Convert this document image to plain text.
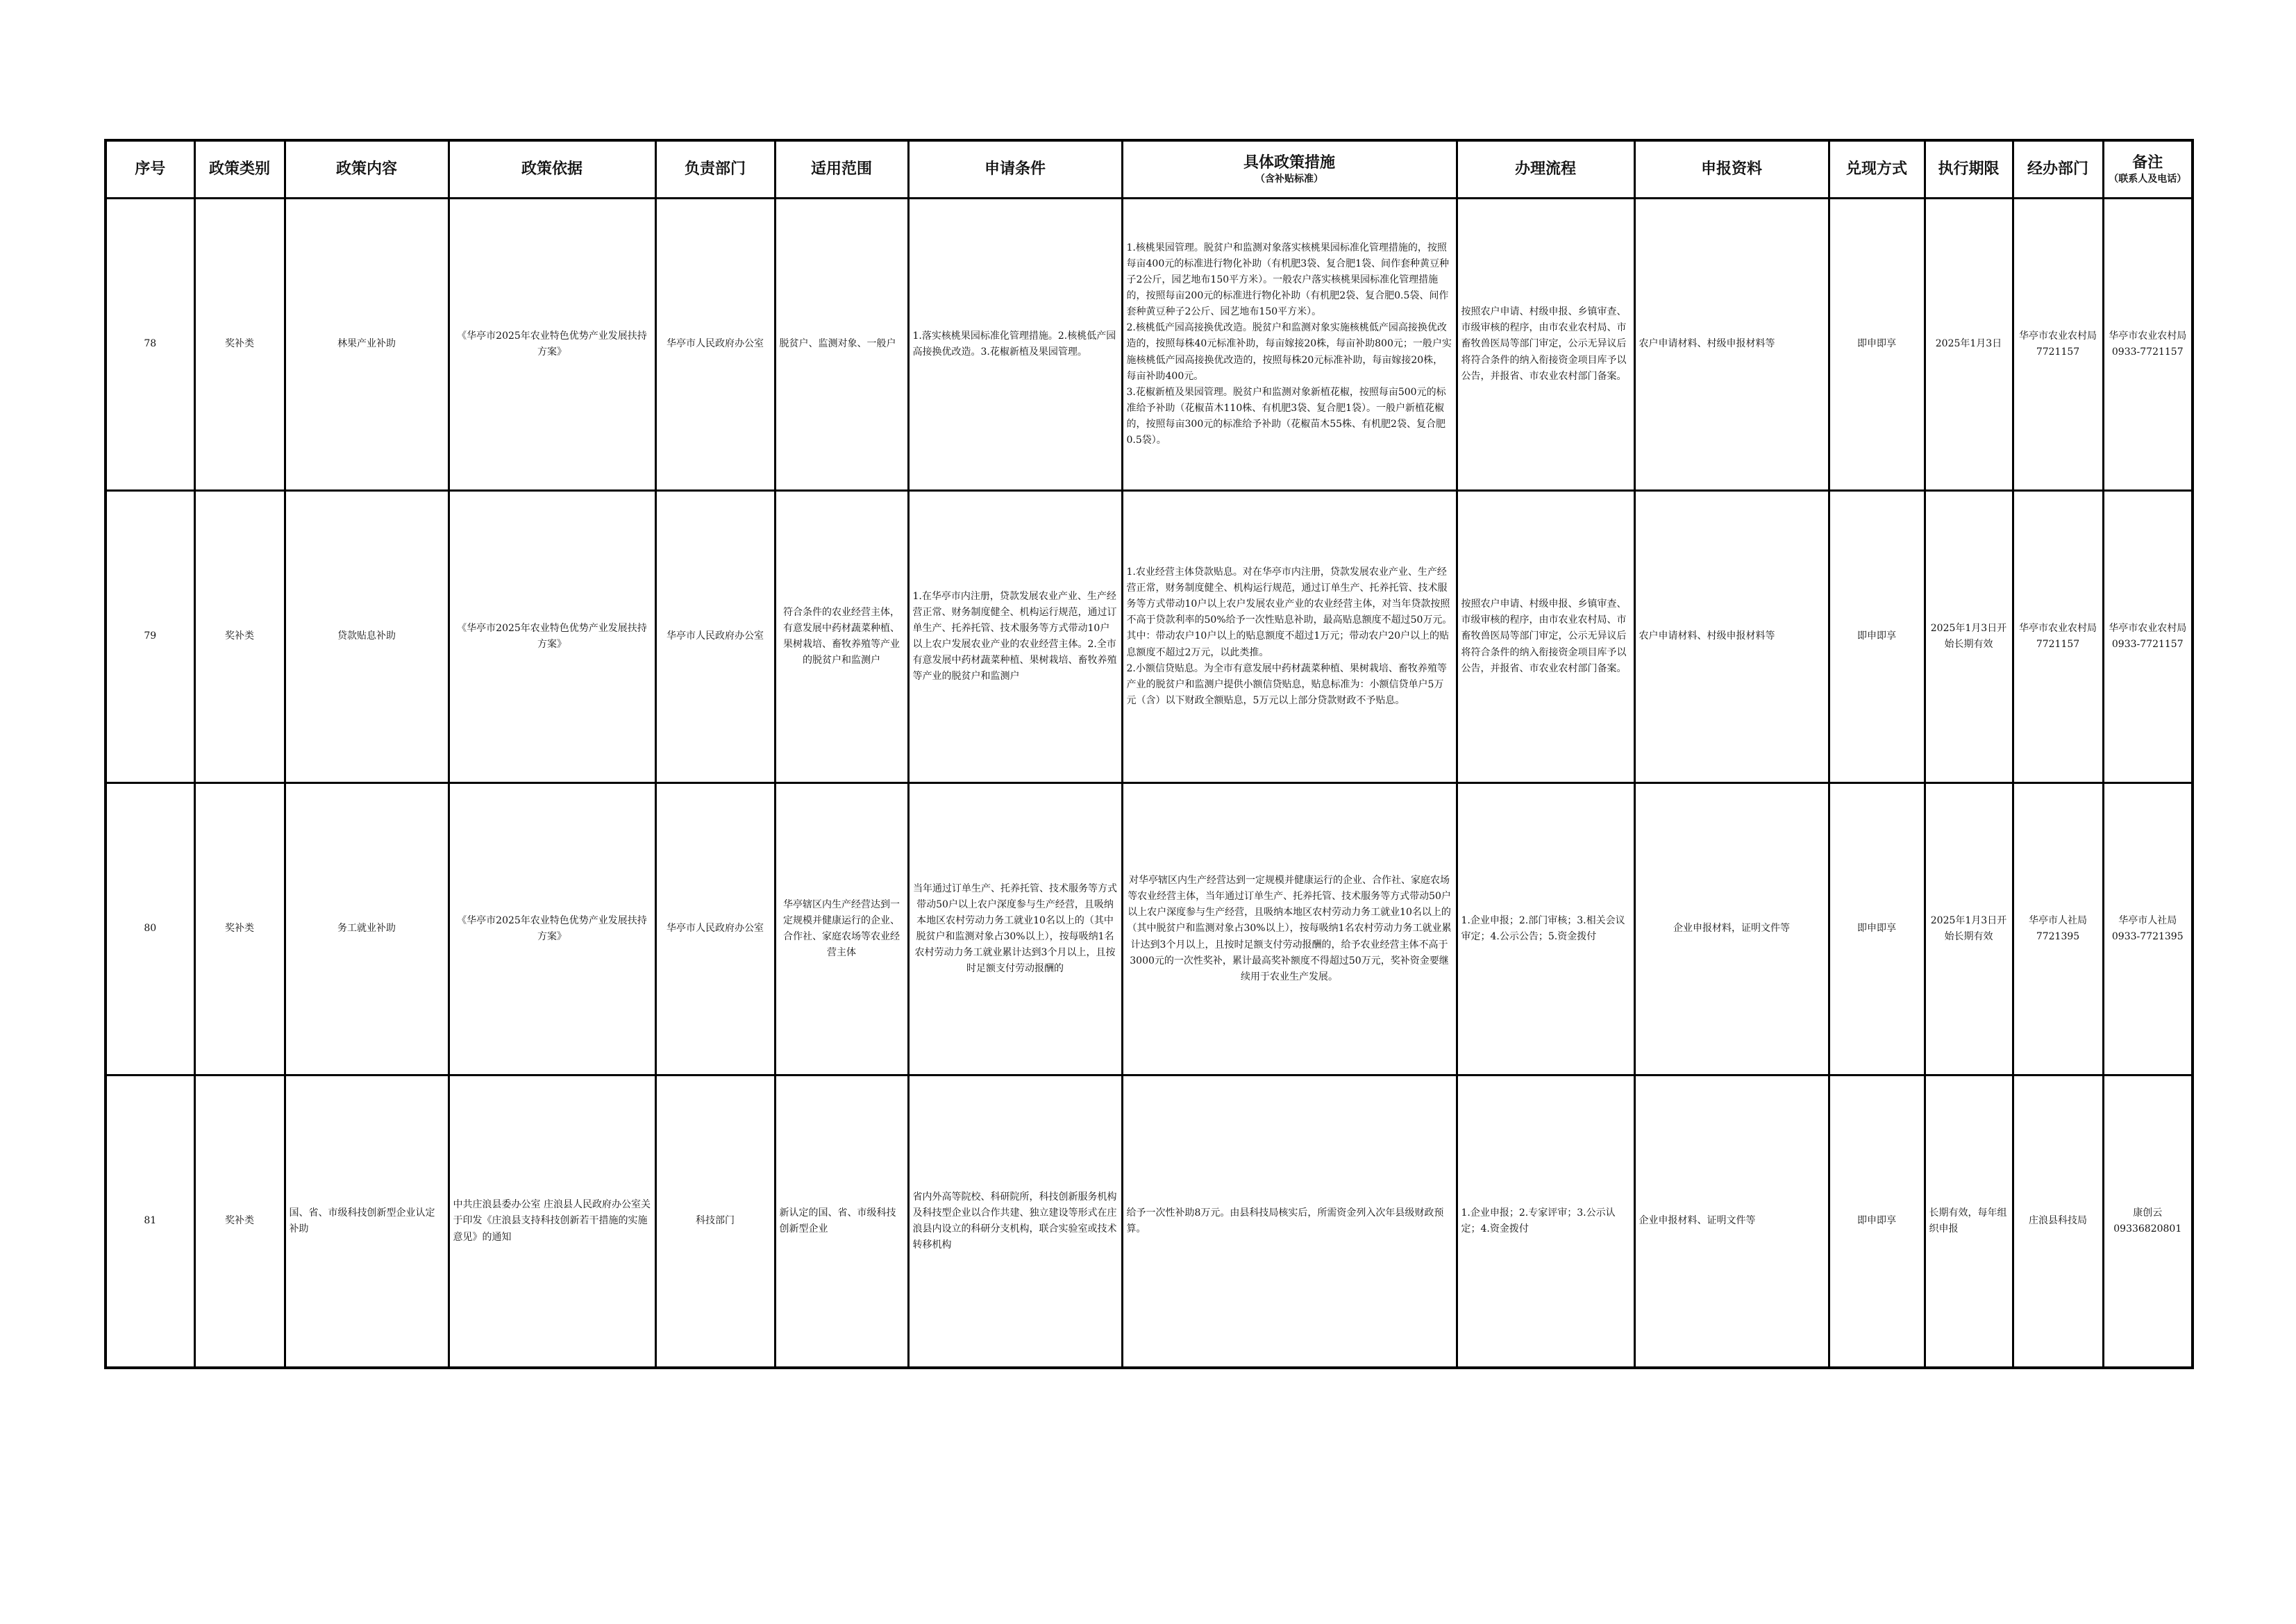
序号	政策类别	政策内容	政策依据	负责部门	适用范围	申请条件	具体政策措施
（含补贴标准）	办理流程	申报资料	兑现方式	执行期限	经办部门	备注
（联系人及电话）

78	奖补类	林果产业补助	《华亭市2025年农业特色优势产业发展扶持方案》	华亭市人民政府办公室	脱贫户、监测对象、一般户	1.落实核桃果园标准化管理措施。2.核桃低产园高接换优改造。3.花椒新植及果园管理。	1.核桃果园管理。脱贫户和监测对象落实核桃果园标准化管理措施的，按照每亩400元的标准进行物化补助（有机肥3袋、复合肥1袋、间作套种黄豆种子2公斤，园艺地布150平方米）。一般农户落实核桃果园标准化管理措施的，按照每亩200元的标准进行物化补助（有机肥2袋、复合肥0.5袋、间作套种黄豆种子2公斤、园艺地布150平方米）。
2.核桃低产园高接换优改造。脱贫户和监测对象实施核桃低产园高接换优改造的，按照每株40元标准补助，每亩嫁接20株，每亩补助800元；一般户实施核桃低产园高接换优改造的，按照每株20元标准补助，每亩嫁接20株，每亩补助400元。
3.花椒新植及果园管理。脱贫户和监测对象新植花椒，按照每亩500元的标准给予补助（花椒苗木110株、有机肥3袋、复合肥1袋）。一般户新植花椒的，按照每亩300元的标准给予补助（花椒苗木55株、有机肥2袋、复合肥0.5袋）。	按照农户申请、村级申报、乡镇审查、市级审核的程序，由市农业农村局、市畜牧兽医局等部门审定，公示无异议后将符合条件的纳入衔接资金项目库予以公告，并报省、市农业农村部门备案。	农户申请材料、村级申报材料等	即申即享	2025年1月3日	华亭市农业农村局7721157	华亭市农业农村局0933-7721157
79	奖补类	贷款贴息补助	《华亭市2025年农业特色优势产业发展扶持方案》	华亭市人民政府办公室	符合条件的农业经营主体，有意发展中药材蔬菜种植、果树栽培、畜牧养殖等产业的脱贫户和监测户	1.在华亭市内注册，贷款发展农业产业、生产经营正常、财务制度健全、机构运行规范，通过订单生产、托养托管、技术服务等方式带动10户以上农户发展农业产业的农业经营主体。2.全市有意发展中药材蔬菜种植、果树栽培、畜牧养殖等产业的脱贫户和监测户	1.农业经营主体贷款贴息。对在华亭市内注册，贷款发展农业产业、生产经营正常，财务制度健全、机构运行规范，通过订单生产、托养托管、技术服务等方式带动10户以上农户发展农业产业的农业经营主体，对当年贷款按照不高于贷款利率的50%给予一次性贴息补助，最高贴息额度不超过50万元。其中：带动农户10户以上的贴息额度不超过1万元；带动农户20户以上的贴息额度不超过2万元，以此类推。
2.小额信贷贴息。为全市有意发展中药材蔬菜种植、果树栽培、畜牧养殖等产业的脱贫户和监测户提供小额信贷贴息，贴息标准为：小额信贷单户5万元（含）以下财政全额贴息，5万元以上部分贷款财政不予贴息。	按照农户申请、村级申报、乡镇审查、市级审核的程序，由市农业农村局、市畜牧兽医局等部门审定，公示无异议后将符合条件的纳入衔接资金项目库予以公告，并报省、市农业农村部门备案。	农户申请材料、村级申报材料等	即申即享	2025年1月3日开始长期有效	华亭市农业农村局7721157	华亭市农业农村局0933-7721157
80	奖补类	务工就业补助	《华亭市2025年农业特色优势产业发展扶持方案》	华亭市人民政府办公室	华亭辖区内生产经营达到一定规模并健康运行的企业、合作社、家庭农场等农业经营主体	当年通过订单生产、托养托管、技术服务等方式带动50户以上农户深度参与生产经营，且吸纳本地区农村劳动力务工就业10名以上的（其中脱贫户和监测对象占30%以上），按每吸纳1名农村劳动力务工就业累计达到3个月以上，且按时足额支付劳动报酬的	对华亭辖区内生产经营达到一定规模并健康运行的企业、合作社、家庭农场等农业经营主体，当年通过订单生产、托养托管、技术服务等方式带动50户以上农户深度参与生产经营，且吸纳本地区农村劳动力务工就业10名以上的（其中脱贫户和监测对象占30%以上），按每吸纳1名农村劳动力务工就业累计达到3个月以上，且按时足额支付劳动报酬的，给予农业经营主体不高于3000元的一次性奖补，累计最高奖补额度不得超过50万元，奖补资金要继续用于农业生产发展。	1.企业申报；2.部门审核；3.相关会议审定；4.公示公告；5.资金拨付	企业申报材料，证明文件等	即申即享	2025年1月3日开始长期有效	华亭市人社局7721395	华亭市人社局0933-7721395
81	奖补类	国、省、市级科技创新型企业认定补助	中共庄浪县委办公室 庄浪县人民政府办公室关于印发《庄浪县支持科技创新若干措施的实施意见》的通知	科技部门	新认定的国、省、市级科技创新型企业	省内外高等院校、科研院所，科技创新服务机构及科技型企业以合作共建、独立建设等形式在庄浪县内设立的科研分支机构，联合实验室或技术转移机构	给予一次性补助8万元。由县科技局核实后，所需资金列入次年县级财政预算。	1.企业申报；2.专家评审；3.公示认定；4.资金拨付	企业申报材料、证明文件等	即申即享	长期有效，每年组织申报	庄浪县科技局	康创云09336820801
